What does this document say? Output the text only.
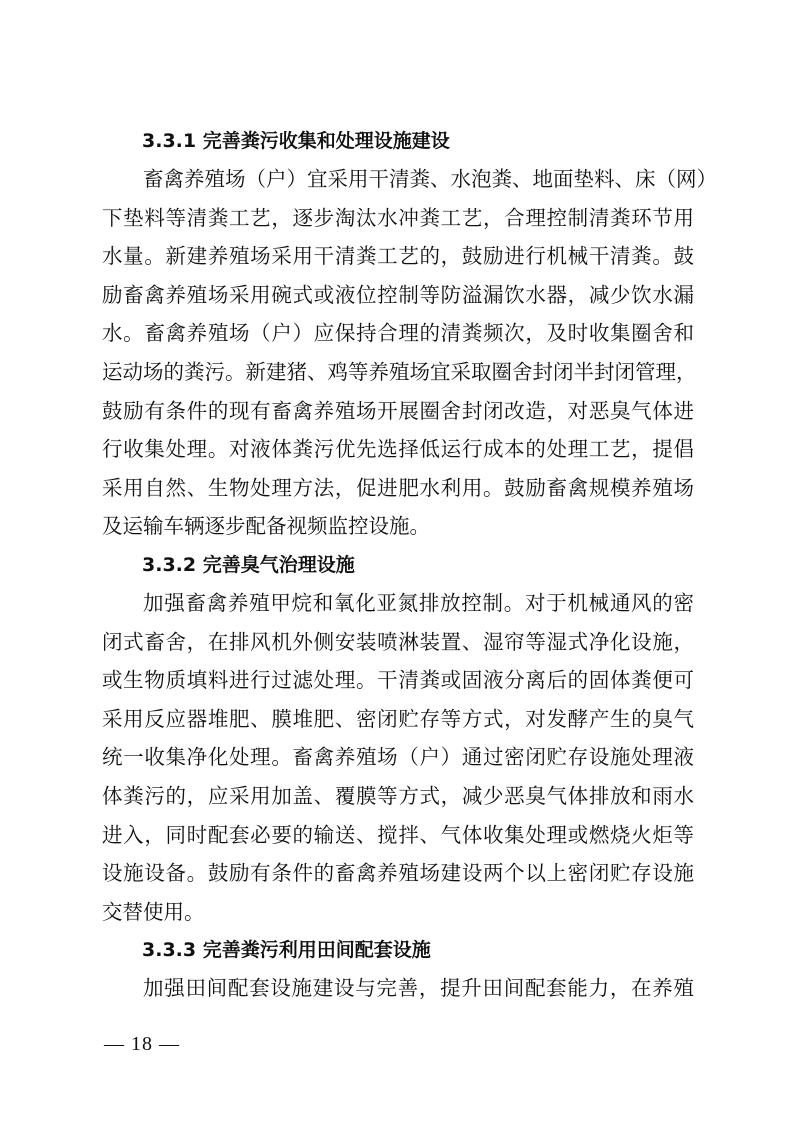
3.3.1 完善粪污收集和处理设施建设
畜禽养殖场（户）宜采用干清粪、水泡粪、地面垫料、床（网）
下垫料等清粪工艺，逐步淘汰水冲粪工艺，合理控制清粪环节用
水量。新建养殖场采用干清粪工艺的，鼓励进行机械干清粪。鼓
励畜禽养殖场采用碗式或液位控制等防溢漏饮水器，减少饮水漏
水。畜禽养殖场（户）应保持合理的清粪频次，及时收集圈舍和
运动场的粪污。新建猪、鸡等养殖场宜采取圈舍封闭半封闭管理，
鼓励有条件的现有畜禽养殖场开展圈舍封闭改造，对恶臭气体进
行收集处理。对液体粪污优先选择低运行成本的处理工艺，提倡
采用自然、生物处理方法，促进肥水利用。鼓励畜禽规模养殖场
及运输车辆逐步配备视频监控设施。
3.3.2 完善臭气治理设施
加强畜禽养殖甲烷和氧化亚氮排放控制。对于机械通风的密
闭式畜舍，在排风机外侧安装喷淋装置、湿帘等湿式净化设施，
或生物质填料进行过滤处理。干清粪或固液分离后的固体粪便可
采用反应器堆肥、膜堆肥、密闭贮存等方式，对发酵产生的臭气
统一收集净化处理。畜禽养殖场（户）通过密闭贮存设施处理液
体粪污的，应采用加盖、覆膜等方式，减少恶臭气体排放和雨水
进入，同时配套必要的输送、搅拌、气体收集处理或燃烧火炬等
设施设备。鼓励有条件的畜禽养殖场建设两个以上密闭贮存设施
交替使用。
3.3.3 完善粪污利用田间配套设施
加强田间配套设施建设与完善，提升田间配套能力，在养殖
— 18 —
